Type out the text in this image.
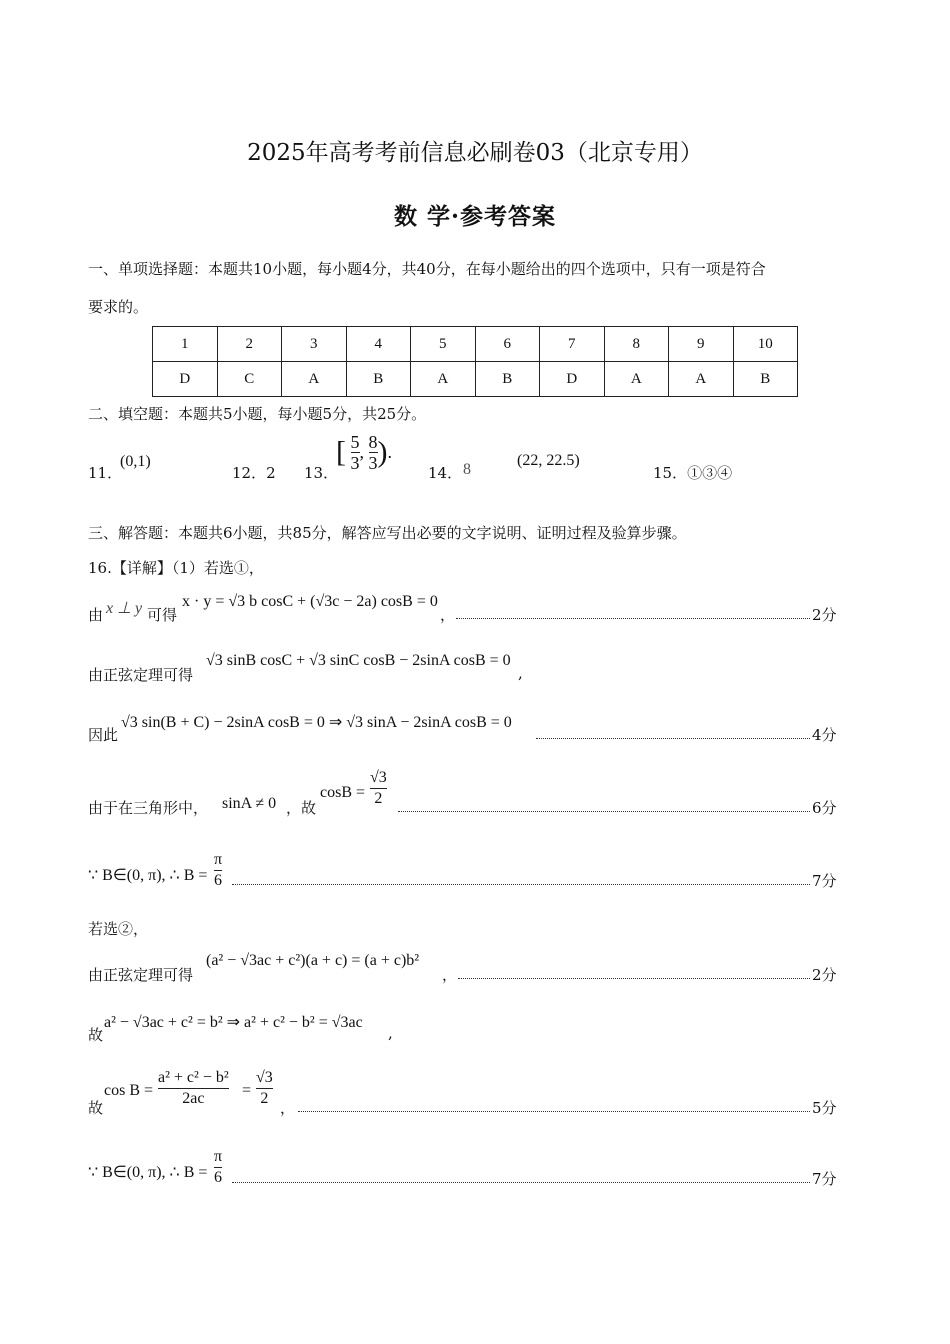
2025年高考考前信息必刷卷03（北京专用）
数 学·参考答案
一、单项选择题：本题共10小题，每小题4分，共40分，在每小题给出的四个选项中，只有一项是符合
要求的。
1	2	3	4	5	6	7	8	9	10
D	C	A	B	A	B	D	A	A	B
二、填空题：本题共5小题，每小题5分，共25分。
11．
(0,1)
12．2 13．
[ $\frac{5}{3}$ , $\frac{8}{3}$ ).
14． 8
(22, 22.5)
15．①③④
三、解答题：本题共6小题，共85分，解答应写出必要的文字说明、证明过程及验算步骤。
16.【详解】（1）若选①，
由 x ⊥ y 可得
x · y = √3 b cosC + (√3c − 2a) cosB = 0
，	2分
由正弦定理可得
√3 sinB cosC + √3 sinC cosB − 2sinA cosB = 0
,
因此
√3 sin(B + C) − 2sinA cosB = 0 ⇒ √3 sinA − 2sinA cosB = 0
4分
由于在三角形中， sinA ≠ 0 ，故
$\cos B = \frac{√3}{2}$	6分
∵ B∈(0, π), ∴ $B = \frac{\pi}{6}$	7分
若选②，
由正弦定理可得
(a² − √3ac + c²)(a + c) = (a + c)b²
，	2分
故
a² − √3ac + c² = b² ⇒ a² + c² − b² = √3ac
,
故
$\cos B = \frac{\text{a² + c² − b²}}{2ac} = \frac{√3}{2}$ ，	5分
∵ B∈(0, π), ∴ $B = \frac{\pi}{6}$	7分
